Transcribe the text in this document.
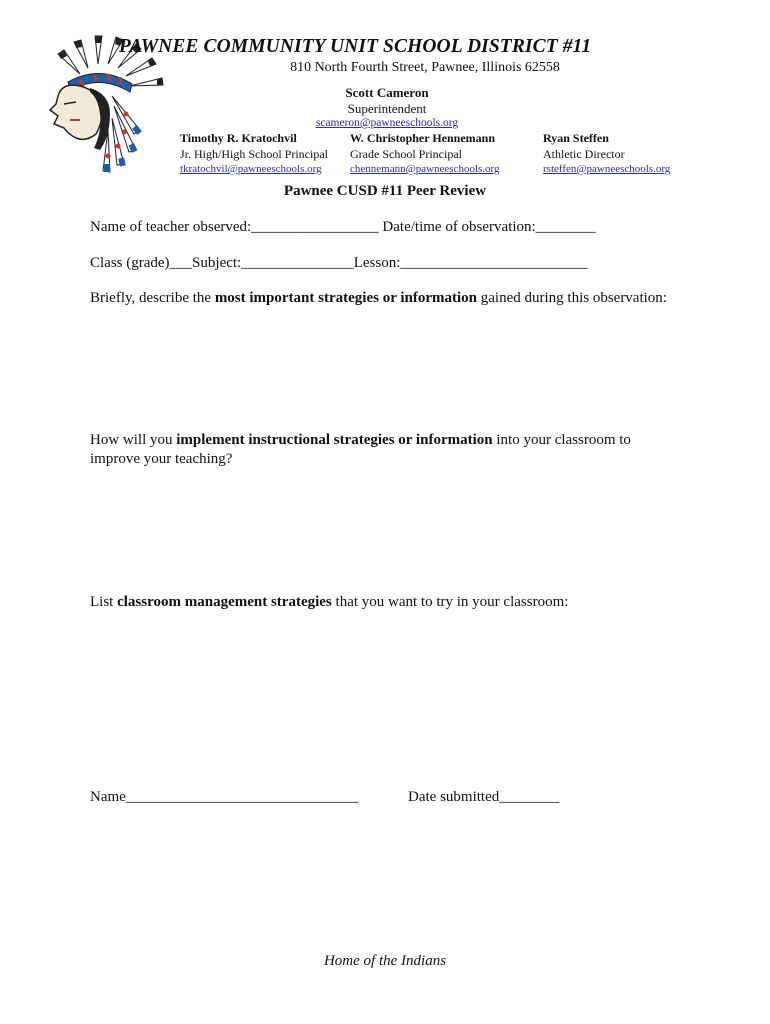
PAWNEE COMMUNITY UNIT SCHOOL DISTRICT #11
810 North Fourth Street, Pawnee, Illinois 62558
Scott Cameron
Superintendent
scameron@pawneeschools.org
Timothy R. Kratochvil
Jr. High/High School Principal
tkratochvil@pawneeschools.org
W. Christopher Hennemann
Grade School Principal
chennemann@pawneeschools.org
Ryan Steffen
Athletic Director
rsteffen@pawneeschools.org
Pawnee CUSD #11 Peer Review
Name of teacher observed:_________________ Date/time of observation:________
Class (grade)___Subject:_______________Lesson:_________________________
Briefly, describe the most important strategies or information gained during this observation:
How will you implement instructional strategies or information into your classroom to
improve your teaching?
List classroom management strategies that you want to try in your classroom:
Name_______________________________	Date submitted________
Home of the Indians
